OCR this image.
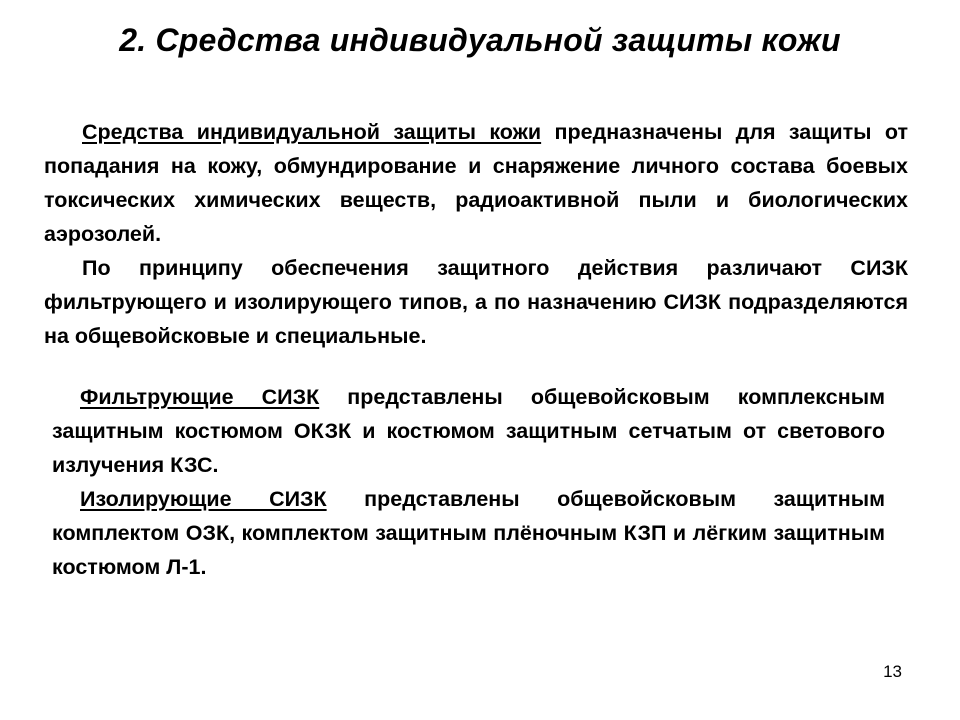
2. Средства индивидуальной защиты кожи

Средства индивидуальной защиты кожи предназначены для защиты от попадания на кожу, обмундирование и снаряжение личного состава боевых токсических химических веществ, радиоактивной пыли и биологических аэрозолей.

По принципу обеспечения защитного действия различают СИЗК фильтрующего и изолирующего типов, а по назначению СИЗК подразделяются на общевойсковые и специальные.

Фильтрующие СИЗК представлены общевойсковым комплексным защитным костюмом ОКЗК и костюмом защитным сетчатым от светового излучения КЗС.

Изолирующие СИЗК представлены общевойсковым защитным комплектом ОЗК, комплектом защитным плёночным КЗП и лёгким защитным костюмом Л-1.

13
